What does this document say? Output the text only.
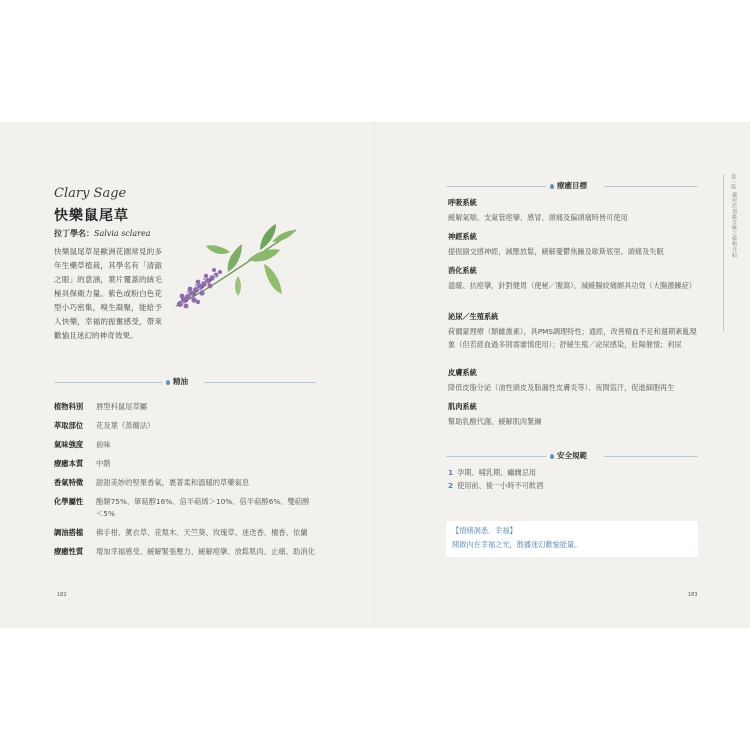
Clary Sage
快樂鼠尾草
拉丁學名：Salvia sclarea
快樂鼠尾草是歐洲花園常見的多年生藥草植栽，其學名有「清澈之眼」的意涵，葉片覆蓋的絨毛極具保衛力量。紫色或粉白色花型小巧密集，嗅生凝聚，能給予人快樂，幸福的振奮感受，帶來歡愉且迷幻的神奇效果。
精油
植物科別	唇型科鼠尾草屬
萃取部位	花及葉（蒸餾法）
氣味強度	前味
療癒本質	中階
香氣特徵	甜甜美妙的堅果香氣，裹著柔和溫暖的草藥氣息
化學屬性	酯類75%、單萜醇16%、倍半萜烯＞10%、倍半萜醇6%、雙萜醇＜5%
調油搭檔	佛手柑、薰衣草、花梨木、天竺葵、玫瑰草、迷迭香、檀香、依蘭
療癒性質	增加幸福感受、緩解緊張壓力、緩解痙攣、放鬆肌肉、止痛、助消化
182
療癒目標
呼吸系統
緩解氣喘、支氣管痙攣、感冒、頭痛及偏頭痛時皆可使用
神經系統
提振副交感神經，減壓放鬆，緩解憂鬱焦躁及歇斯底里、頭痛及失眠
消化系統
溫暖、抗痙攣，針對健胃（便秘／腹瀉），減緩腸絞痛頗具功效（大腸激躁症）
泌尿／生殖系統
荷爾蒙理療（類雌激素），具PMS調理特性；通經，改善精血不足和週期紊亂現象（但若經血過多則需審慎使用）；舒緩生殖／泌尿感染，壯陽催情；利尿
皮膚系統
降低皮脂分泌（油性頭皮及脂漏性皮膚炎等）、夜間盜汗，促進細胞再生
肌肉系統
幫助乳酸代謝，緩解肌肉緊繃
安全規範
1 孕期、哺乳期、癲癇忌用
2 使用前、後一小時不可飲酒
【情緒洞悉．幸福】
開啟內在幸福之光，散播迷幻歡愉能量。
183
第一篇
適用於頂級芳療之植物介紹
